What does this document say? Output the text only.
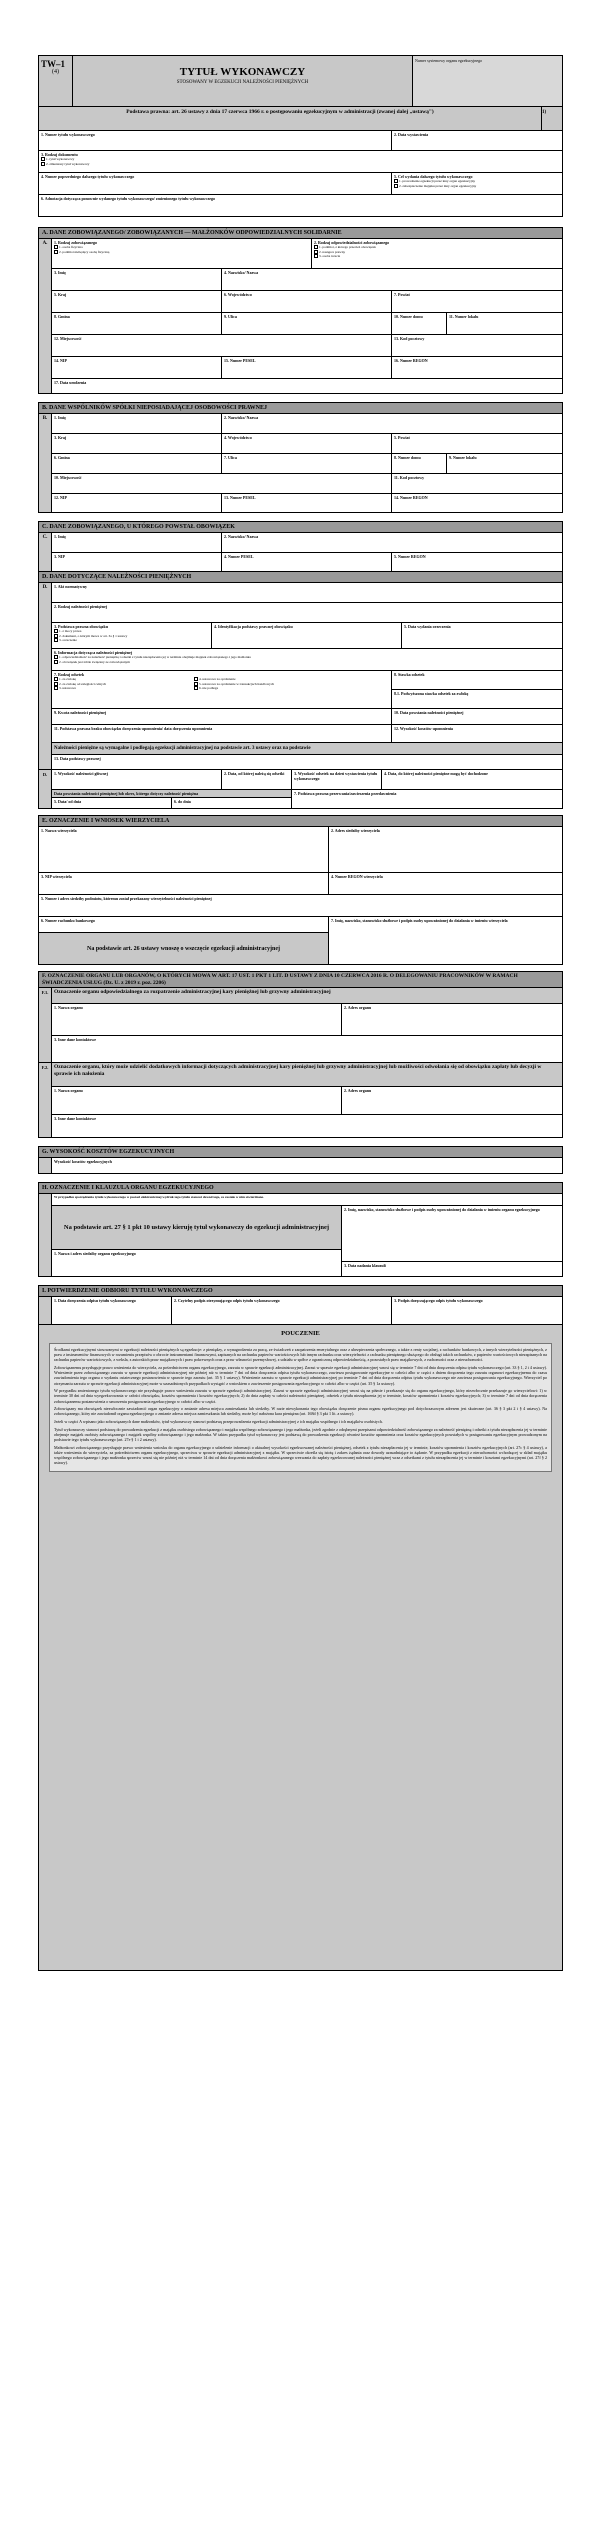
TW–1
(4)	TYTUŁ WYKONAWCZY
STOSOWANY W EGZEKUCJI NALEŻNOŚCI PIENIĘŻNYCH
Numer systemowy organu egzekucyjnego
Podstawa prawna: art. 26 ustawy z dnia 17 czerwca 1966 r. o postępowaniu egzekucyjnym w administracji (zwanej dalej „ustawą")	1)
1. Numer tytułu wykonawczego	2. Data wystawienia
3. Rodzaj dokumentu
1. tytuł wykonawczy
2. zmieniony tytuł wykonawczy
4. Numer poprzedniego dalszego tytułu wykonawczego	5. Cel wydania dalszego tytułu wykonawczego
1. prowadzenie egzekucji przez inny organ egzekucyjny
2. zabezpieczenie majątku przez inny organ egzekucyjny
6. Adnotacja dotycząca ponownie wydanego tytułu wykonawczego/ zmienionego tytułu wykonawczego
A. DANE ZOBOWIĄZANEGO/ ZOBOWIĄZANYCH — MAŁŻONKÓW ODPOWIEDZIALNYCH SOLIDARNIE
A.	1. Rodzaj zobowiązanego
1. osoba fizyczna
2. podmiot niebędący osobą fizyczną
2. Rodzaj odpowiedzialności zobowiązanego
1. podmiot, z którego przecież obowiązek
2. następca prawny
3. osoba trzecia
3. Imię	4. Nazwisko/ Nazwa
5. Kraj	6. Województwo	7. Powiat
8. Gmina	9. Ulica	10. Numer domu	11. Numer lokalu
12. Miejscowość	13. Kod pocztowy
14. NIP	15. Numer PESEL	16. Numer REGON
17. Data urodzenia
B. DANE WSPÓLNIKÓW SPÓŁKI NIEPOSIADAJĄCEJ OSOBOWOŚCI PRAWNEJ
B.	1. Imię	2. Nazwisko/ Nazwa
3. Kraj	4. Województwo	5. Powiat
6. Gmina	7. Ulica	8. Numer domu	9. Numer lokalu
10. Miejscowość	11. Kod pocztowy
12. NIP	13. Numer PESEL	14. Numer REGON
C. DANE ZOBOWIĄZANEGO, U KTÓREGO POWSTAŁ OBOWIĄZEK
C.	1. Imię	2. Nazwisko/ Nazwa
3. NIP	4. Numer PESEL	5. Numer REGON
D. DANE DOTYCZĄCE NALEŻNOŚCI PIENIĘŻNYCH
D.	1. Akt normatywny
2. Rodzaj należności pieniężnej
3. Podstawa prawna obowiązku
1. z mocy prawa
2. dokument, o którym mowa w art. 3a § 1 ustawy
3. orzeczenie
4. Identyfikacja podstawy prawnej obowiązku	5. Data wydania orzeczenia
6. Informacja dotycząca należności pieniężnej
1. odpowiedzialność za należność pieniężną i odsetki z tytułu niezapłacenia jej w terminie obejmuje majątek zobowiązanego i jego małżonka
2. obowiązek jest ściśle związany ze zobowiązanym
7. Rodzaj odsetek
1. za zwłokę
2. za zwłokę od zaległości celnych
3. ustawowe
4. ustawowe za opóźnienie
5. ustawowe za opóźnienie w transakcjach handlowych
6. nie podlega
8. Stawka odsetek
8.1. Podwyższona stawka odsetek za zwłokę
9. Kwota należności pieniężnej	10. Data powstania należności pieniężnej
11. Podstawa prawna braku obowiązku doręczenia upomnienia/ data doręczenia upomnienia	12. Wysokość kosztów upomnienia
Należności pieniężne są wymagalne i podlegają egzekucji administracyjnej na podstawie art. 3 ustawy oraz na podstawie
13. Data podstawy prawnej
D.	1. Wysokość należności głównej	2. Data, od której należą się odsetki	3. Wysokość odsetek na dzień wystawienia tytułu wykonawczego
4. Data, do której należności pieniężne mogą być dochodzone
Data powstania należności pieniężnej lub okres, którego dotyczy należność pieniężna
5. Data/ od dnia	6. do dnia
7. Podstawa prawna przerwania/zawieszenia przedawnienia
E. OZNACZENIE I WNIOSEK WIERZYCIELA
1. Nazwa wierzyciela	2. Adres siedziby wierzyciela
3. NIP wierzyciela	4. Numer REGON wierzyciela
5. Numer i adres siedziby podmiotu, któremu został przekazany wierzytelności należności pieniężnej
6. Numer rachunku bankowego
Na podstawie art. 26 ustawy wnoszę o wszczęcie egzekucji administracyjnej
7. Imię, nazwisko, stanowisko służbowe i podpis osoby upoważnionej do działania w imieniu wierzyciela
F. OZNACZENIE ORGANU LUB ORGANÓW, O KTÓRYCH MOWA W ART. 17 UST. 1 PKT 1 LIT. D USTAWY Z DNIA 10 CZERWCA 2016 R. O DELEGOWANIU PRACOWNIKÓW W RAMACH ŚWIADCZENIA USŁUG (Dz. U. z 2019 r. poz. 2206)
F.1.	Oznaczenie organu odpowiedzialnego za rozpatrzenie administracyjnej kary pieniężnej lub grzywny administracyjnej
1. Nazwa organu	2. Adres organu
3. Inne dane kontaktowe
F.2.	Oznaczenie organu, który może udzielić dodatkowych informacji dotyczących administracyjnej kary pieniężnej lub grzywny administracyjnej lub możliwości odwołania się od obowiązku zapłaty lub decyzji w sprawie ich nałożenia
1. Nazwa organu	2. Adres organu
3. Inne dane kontaktowe
G. WYSOKOŚĆ KOSZTÓW EGZEKUCYJNYCH
Wysokość kosztów egzekucyjnych
H. OZNACZENIE I KLAUZULA ORGANU EGZEKUCYJNEGO
W przypadku sporządzenia tytułu wykonawczego w postaci elektronicznej wydruk tego tytułu stanowi dowód tego, co zostało w nim stwierdzone.
Na podstawie art. 27 § 1 pkt 10 ustawy kieruję tytuł wykonawczy do egzekucji administracyjnej
1. Nazwa i adres siedziby organu egzekucyjnego
2. Imię, nazwisko, stanowisko służbowe i podpis osoby upoważnionej do działania w imieniu organu egzekucyjnego
3. Data nadania klauzuli
I. POTWIERDZENIE ODBIORU TYTUŁU WYKONAWCZEGO
1. Data doręczenia odpisu tytułu wykonawczego	2. Czytelny podpis otrzymującego odpis tytułu wykonawczego	3. Podpis doręczającego odpis tytułu wykonawczego
POUCZENIE

Środkami egzekucyjnymi stosowanymi w egzekucji należności pieniężnych są egzekucje: z pieniędzy, z wynagrodzenia za pracę, ze świadczeń z zaopatrzenia emerytalnego oraz z ubezpieczenia społecznego, a także z renty socjalnej, z rachunków bankowych, z innych wierzytelności pieniężnych, z praw z instrumentów finansowych w rozumieniu przepisów o obrocie instrumentami finansowymi, zapisanych na rachunku papierów wartościowych lub innym rachunku oraz wierzytelności z rachunku pieniężnego służącego do obsługi takich rachunków, z papierów wartościowych niezapisanych na rachunku papierów wartościowych, z weksla, z autorskich praw majątkowych i praw pokrewnych oraz z praw własności przemysłowej, z udziału w spółce z ograniczoną odpowiedzialnością, z pozostałych praw majątkowych, z ruchomości oraz z nieruchomości.

Zobowiązanemu przysługuje prawo wniesienia do wierzyciela, za pośrednictwem organu egzekucyjnego, zarzutu w sprawie egzekucji administracyjnej. Zarzut w sprawie egzekucji administracyjnej wnosi się w terminie 7 dni od dnia doręczenia odpisu tytułu wykonawczego (art. 33 § 1, 2 i 4 ustawy). Wniesienie przez zobowiązanego zarzutu w sprawie egzekucji administracyjnej nie później niż w terminie 7 dni od dnia doręczenia odpisu tytułu wykonawczego, zawiesza postępowanie egzekucyjne w całości albo w części z dniem doręczenia tego zarzutu organowi egzekucyjnemu do czasu zawiadomienia tego organu o wydaniu ostatecznego postanowienia w sprawie tego zarzutu (art. 35 § 1 ustawy). Wniesienie zarzutu w sprawie egzekucji administracyjnej po terminie 7 dni od dnia doręczenia odpisu tytułu wykonawczego nie zawiesza postępowania egzekucyjnego. Wierzyciel po otrzymaniu zarzutu w sprawie egzekucji administracyjnej może w uzasadnionych przypadkach wystąpić z wnioskiem o zawieszenie postępowania egzekucyjnego w całości albo w części (art. 35 § 1a ustawy).

W przypadku zmienionego tytułu wykonawczego nie przysługuje prawo wniesienia zarzutu w sprawie egzekucji administracyjnej. Zarzut w sprawie egzekucji administracyjnej wnosi się na piśmie i przekazuje się do organu egzekucyjnego, który niezwłocznie przekazuje go wierzycielowi: 1) w terminie 30 dni od dnia wyegzekwowania w całości obowiązku, kosztów upomnienia i kosztów egzekucyjnych; 2) do dnia zapłaty w całości należności pieniężnej, odsetek z tytułu niezapłacenia jej w terminie, kosztów upomnienia i kosztów egzekucyjnych; 3) w terminie 7 dni od dnia doręczenia zobowiązanemu postanowienia o umorzeniu postępowania egzekucyjnego w całości albo w części.

Zobowiązany ma obowiązek niezwłocznie zawiadomić organ egzekucyjny o zmianie adresu miejsca zamieszkania lub siedziby. W razie niewykonania tego obowiązku doręczenie pisma organu egzekucyjnego pod dotychczasowym adresem jest skuteczne (art. 36 § 3 pkt 2 i § 4 ustawy). Na zobowiązanego, który nie zawiadomił organu egzekucyjnego o zmianie adresu miejsca zamieszkania lub siedziby, może być nałożona kara pieniężna (art. 168d § 3 pkt 1 lit. a ustawy).

Jeżeli w części A wpisano jako zobowiązanych dane małżonków, tytuł wykonawczy stanowi podstawę przeprowadzenia egzekucji administracyjnej z ich majątku wspólnego i ich majątków osobistych.

Tytuł wykonawczy stanowi podstawę do prowadzenia egzekucji z majątku osobistego zobowiązanego i majątku wspólnego zobowiązanego i jego małżonka, jeżeli zgodnie z odrębnymi przepisami odpowiedzialność zobowiązanego za należność pieniężną i odsetki z tytułu niezapłacenia jej w terminie obejmuje majątek osobisty zobowiązanego i majątek wspólny zobowiązanego i jego małżonka. W takim przypadku tytuł wykonawczy jest podstawą do prowadzenia egzekucji również kosztów upomnienia oraz kosztów egzekucyjnych powstałych w postępowaniu egzekucyjnym prowadzonym na podstawie tego tytułu wykonawczego (art. 27e § 1 i 2 ustawy).

Małżonkowi zobowiązanego przysługuje prawo wniesienia wniosku do organu egzekucyjnego o udzielenie informacji o aktualnej wysokości egzekwowanej należności pieniężnej, odsetek z tytułu niezapłacenia jej w terminie, kosztów upomnienia i kosztów egzekucyjnych (art. 27c § 4 ustawy), a także wniesienia do wierzyciela, za pośrednictwem organu egzekucyjnego, sprzeciwu w sprawie egzekucji administracyjnej z majątku. W sprzeciwie określa się istotę i zakres żądania oraz dowody uzasadniające to żądanie. W przypadku egzekucji z nieruchomości wchodzącej w skład majątku wspólnego zobowiązanego i jego małżonka sprzeciw wnosi się nie później niż w terminie 14 dni od dnia doręczenia małżonkowi zobowiązanego wezwania do zapłaty egzekwowanej należności pieniężnej wraz z odsetkami z tytułu niezapłacenia jej w terminie i kosztami egzekucyjnymi (art. 27f § 2 ustawy).
